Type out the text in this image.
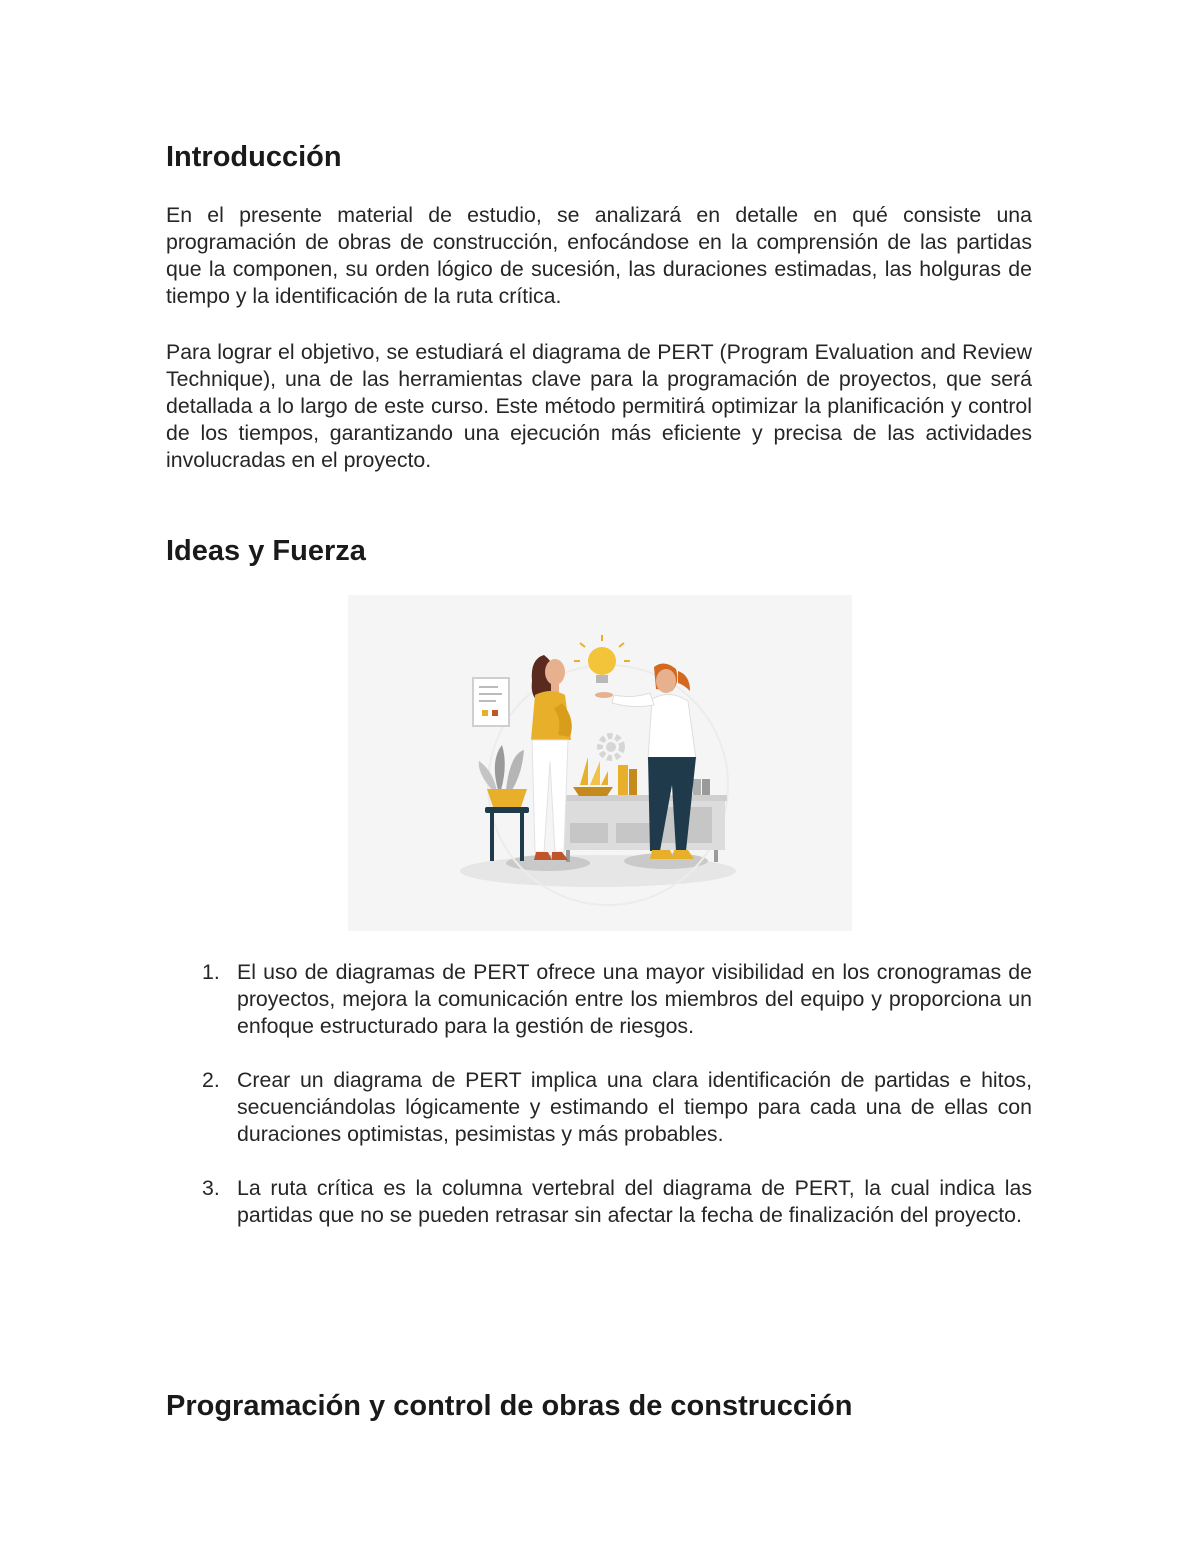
Introducción

En el presente material de estudio, se analizará en detalle en qué consiste una programación de obras de construcción, enfocándose en la comprensión de las partidas que la componen, su orden lógico de sucesión, las duraciones estimadas, las holguras de tiempo y la identificación de la ruta crítica.

Para lograr el objetivo, se estudiará el diagrama de PERT (Program Evaluation and Review Technique), una de las herramientas clave para la programación de proyectos, que será detallada a lo largo de este curso. Este método permitirá optimizar la planificación y control de los tiempos, garantizando una ejecución más eficiente y precisa de las actividades involucradas en el proyecto.

Ideas y Fuerza
1. El uso de diagramas de PERT ofrece una mayor visibilidad en los cronogramas de proyectos, mejora la comunicación entre los miembros del equipo y proporciona un enfoque estructurado para la gestión de riesgos.
2. Crear un diagrama de PERT implica una clara identificación de partidas e hitos, secuenciándolas lógicamente y estimando el tiempo para cada una de ellas con duraciones optimistas, pesimistas y más probables.
3. La ruta crítica es la columna vertebral del diagrama de PERT, la cual indica las partidas que no se pueden retrasar sin afectar la fecha de finalización del proyecto.
Programación y control de obras de construcción
